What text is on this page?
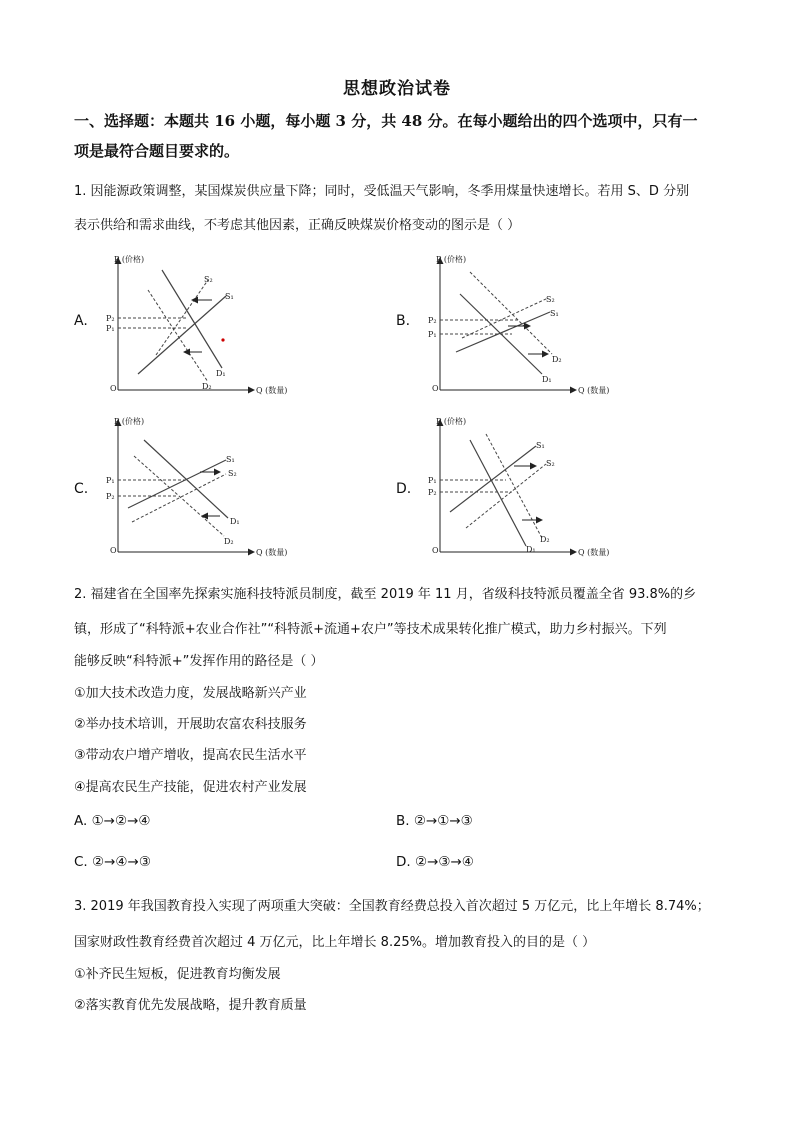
思想政治试卷
一、选择题：本题共 16 小题，每小题 3 分，共 48 分。在每小题给出的四个选项中，只有一
项是最符合题目要求的。
1. 因能源政策调整，某国煤炭供应量下降；同时，受低温天气影响，冬季用煤量快速增长。若用 S、D 分别
表示供给和需求曲线，不考虑其他因素，正确反映煤炭价格变动的图示是（ ）
A.
P (价格)
Q (数量)
O
S₂
S₁
D₁
D₂
P₂
P₁	B.
P (价格)
Q (数量)
O
S₂
S₁
D₁
D₂
P₂
P₁
C.
P (价格)
Q (数量)
O
S₁
S₂
D₁
D₂
P₁
P₂	D.
P (价格)
Q (数量)
O
S₁
S₂
D₁
D₂
P₁
P₂
2. 福建省在全国率先探索实施科技特派员制度，截至 2019 年 11 月，省级科技特派员覆盖全省 93.8%的乡
镇，形成了“科特派+农业合作社”“科特派+流通+农户”等技术成果转化推广模式，助力乡村振兴。下列
能够反映“科特派+”发挥作用的路径是（ ）
①加大技术改造力度，发展战略新兴产业
②举办技术培训，开展助农富农科技服务
③带动农户增产增收，提高农民生活水平
④提高农民生产技能，促进农村产业发展
A. ①→②→④	B. ②→①→③
C. ②→④→③	D. ②→③→④
3. 2019 年我国教育投入实现了两项重大突破：全国教育经费总投入首次超过 5 万亿元，比上年增长 8.74%；
国家财政性教育经费首次超过 4 万亿元，比上年增长 8.25%。增加教育投入的目的是（ ）
①补齐民生短板，促进教育均衡发展
②落实教育优先发展战略，提升教育质量
